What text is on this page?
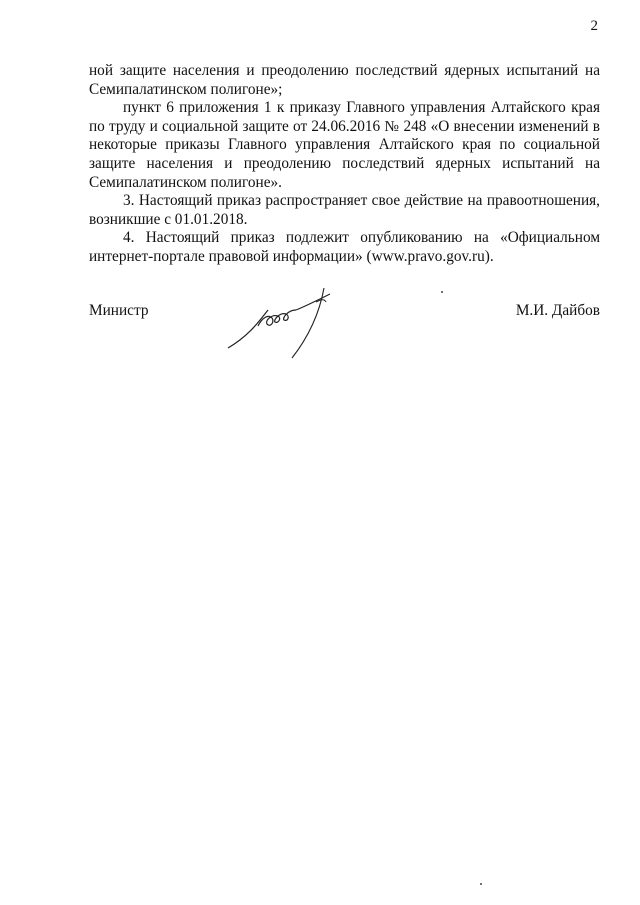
2

ной защите населения и преодолению последствий ядерных испытаний на Семипалатинском полигоне»;

пункт 6 приложения 1 к приказу Главного управления Алтайского края по труду и социальной защите от 24.06.2016 № 248 «О внесении изменений в некоторые приказы Главного управления Алтайского края по социальной защите населения и преодолению последствий ядерных испытаний на Семипалатинском полигоне».

3. Настоящий приказ распространяет свое действие на правоотношения, возникшие с 01.01.2018.

4. Настоящий приказ подлежит опубликованию на «Официальном интернет-портале правовой информации» (www.pravo.gov.ru).

Министр	М.И. Дайбов
